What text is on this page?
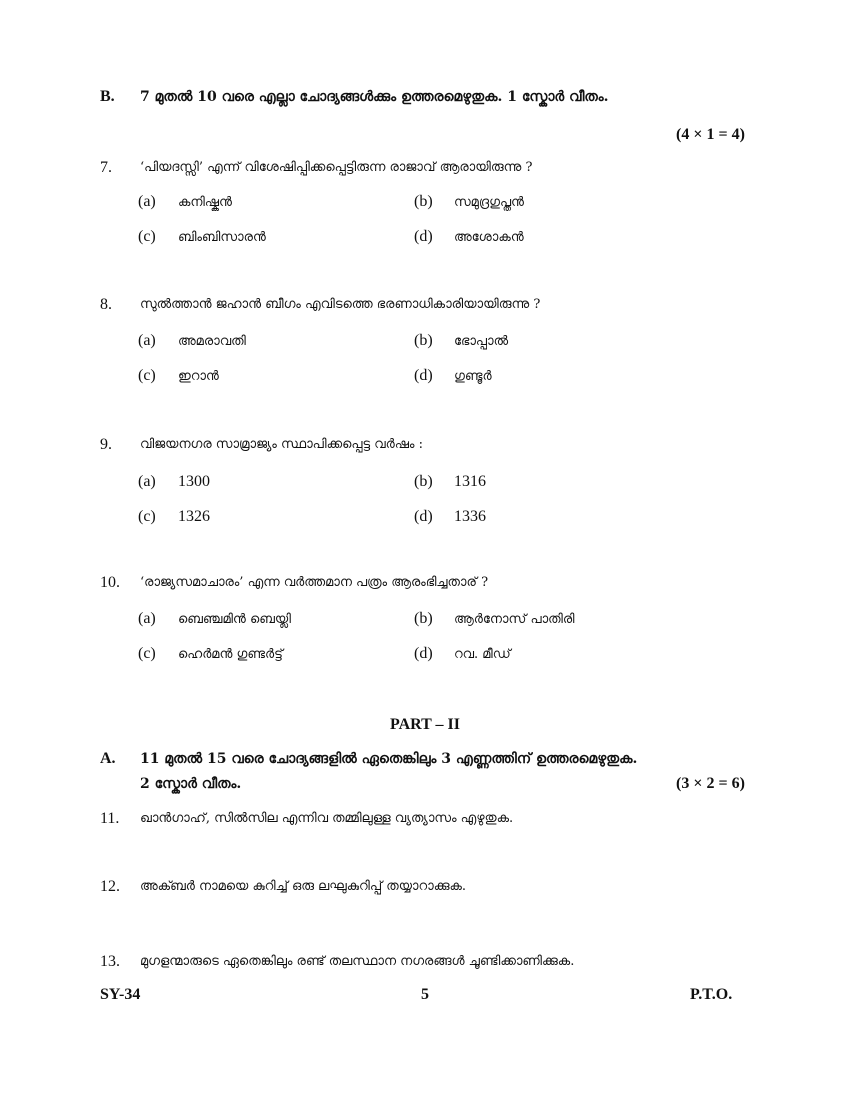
B. 7 മുതൽ 10 വരെ എല്ലാ ചോദ്യങ്ങൾക്കും ഉത്തരമെഴുതുക. 1 സ്കോർ വീതം.
(4 × 1 = 4)
7. ‘പിയദസ്സി’ എന്ന് വിശേഷിപ്പിക്കപ്പെട്ടിരുന്ന രാജാവ് ആരായിരുന്നു ?
(a) കനിഷ്കൻ	(b) സമുദ്രഗുപ്തൻ
(c) ബിംബിസാരൻ	(d) അശോകൻ
8. സുൽത്താൻ ജഹാൻ ബീഗം എവിടത്തെ ഭരണാധികാരിയായിരുന്നു ?
(a) അമരാവതി	(b) ഭോപ്പാൽ
(c) ഇറാൻ	(d) ഗുണ്ടൂർ
9. വിജയനഗര സാമ്രാജ്യം സ്ഥാപിക്കപ്പെട്ട വർഷം :
(a) 1300	(b) 1316
(c) 1326	(d) 1336
10. ‘രാജ്യസമാചാരം’ എന്ന വർത്തമാന പത്രം ആരംഭിച്ചതാര് ?
(a) ബെഞ്ചമിൻ ബെയ്ലി	(b) ആർനോസ് പാതിരി
(c) ഹെർമൻ ഗുണ്ടർട്ട്	(d) റവ. മീഡ്
PART – II
A. 11 മുതൽ 15 വരെ ചോദ്യങ്ങളിൽ ഏതെങ്കിലും 3 എണ്ണത്തിന് ഉത്തരമെഴുതുക.
2 സ്കോർ വീതം.	(3 × 2 = 6)
11. ഖാൻഗാഹ്, സിൽസില എന്നിവ തമ്മിലുള്ള വ്യത്യാസം എഴുതുക.
12. അക്ബർ നാമയെ കുറിച്ച് ഒരു ലഘുകുറിപ്പ് തയ്യാറാക്കുക.
13. മുഗളന്മാരുടെ ഏതെങ്കിലും രണ്ട് തലസ്ഥാന നഗരങ്ങൾ ചൂണ്ടിക്കാണിക്കുക.
SY-34	5	P.T.O.
